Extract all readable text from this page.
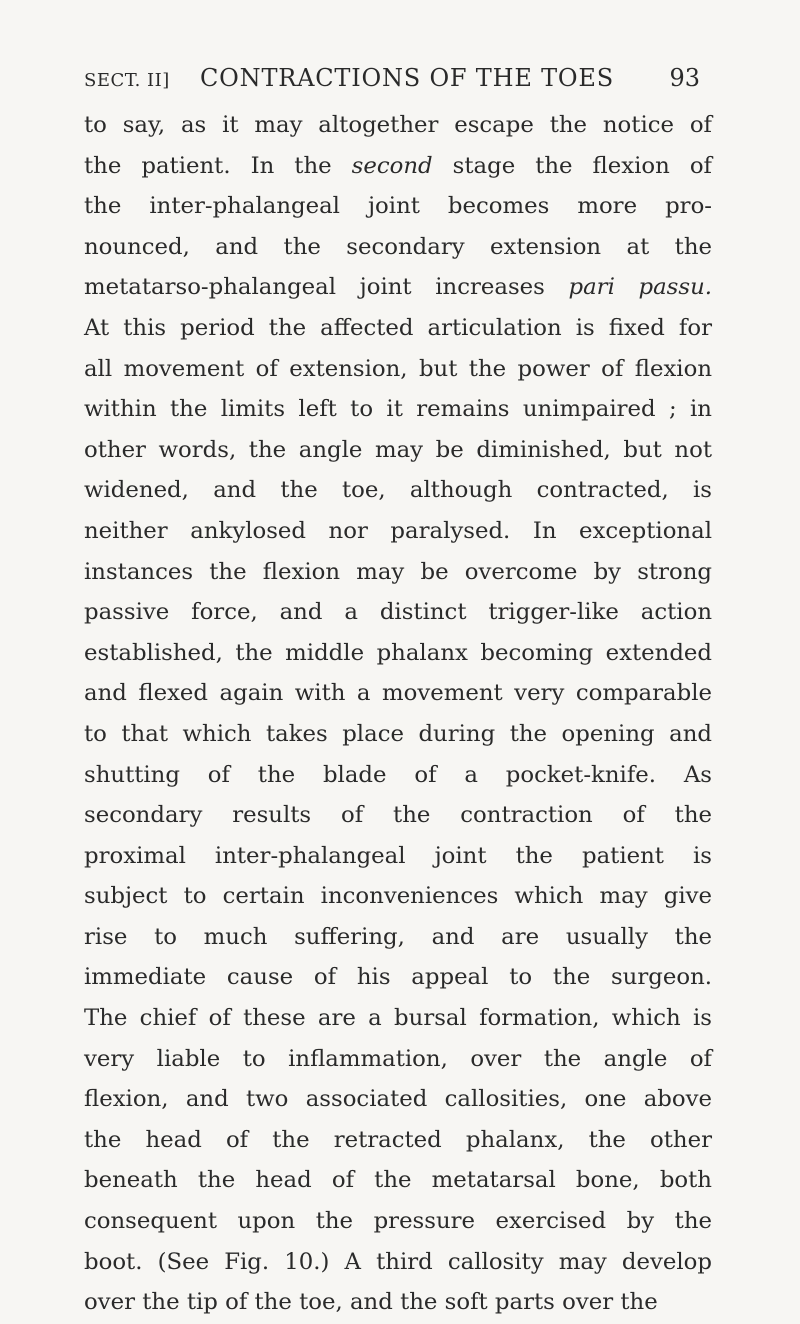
SECT. II] CONTRACTIONS OF THE TOES 93
to say, as it may altogether escape the notice of
the patient. In the second stage the flexion of
the inter-phalangeal joint becomes more pro-
nounced, and the secondary extension at the
metatarso-phalangeal joint increases pari passu.
At this period the affected articulation is fixed for
all movement of extension, but the power of flexion
within the limits left to it remains unimpaired ; in
other words, the angle may be diminished, but not
widened, and the toe, although contracted, is
neither ankylosed nor paralysed. In exceptional
instances the flexion may be overcome by strong
passive force, and a distinct trigger-like action
established, the middle phalanx becoming extended
and flexed again with a movement very comparable
to that which takes place during the opening and
shutting of the blade of a pocket-knife. As
secondary results of the contraction of the
proximal inter-phalangeal joint the patient is
subject to certain inconveniences which may give
rise to much suffering, and are usually the
immediate cause of his appeal to the surgeon.
The chief of these are a bursal formation, which is
very liable to inflammation, over the angle of
flexion, and two associated callosities, one above
the head of the retracted phalanx, the other
beneath the head of the metatarsal bone, both
consequent upon the pressure exercised by the
boot. (See Fig. 10.) A third callosity may develop
over the tip of the toe, and the soft parts over the
